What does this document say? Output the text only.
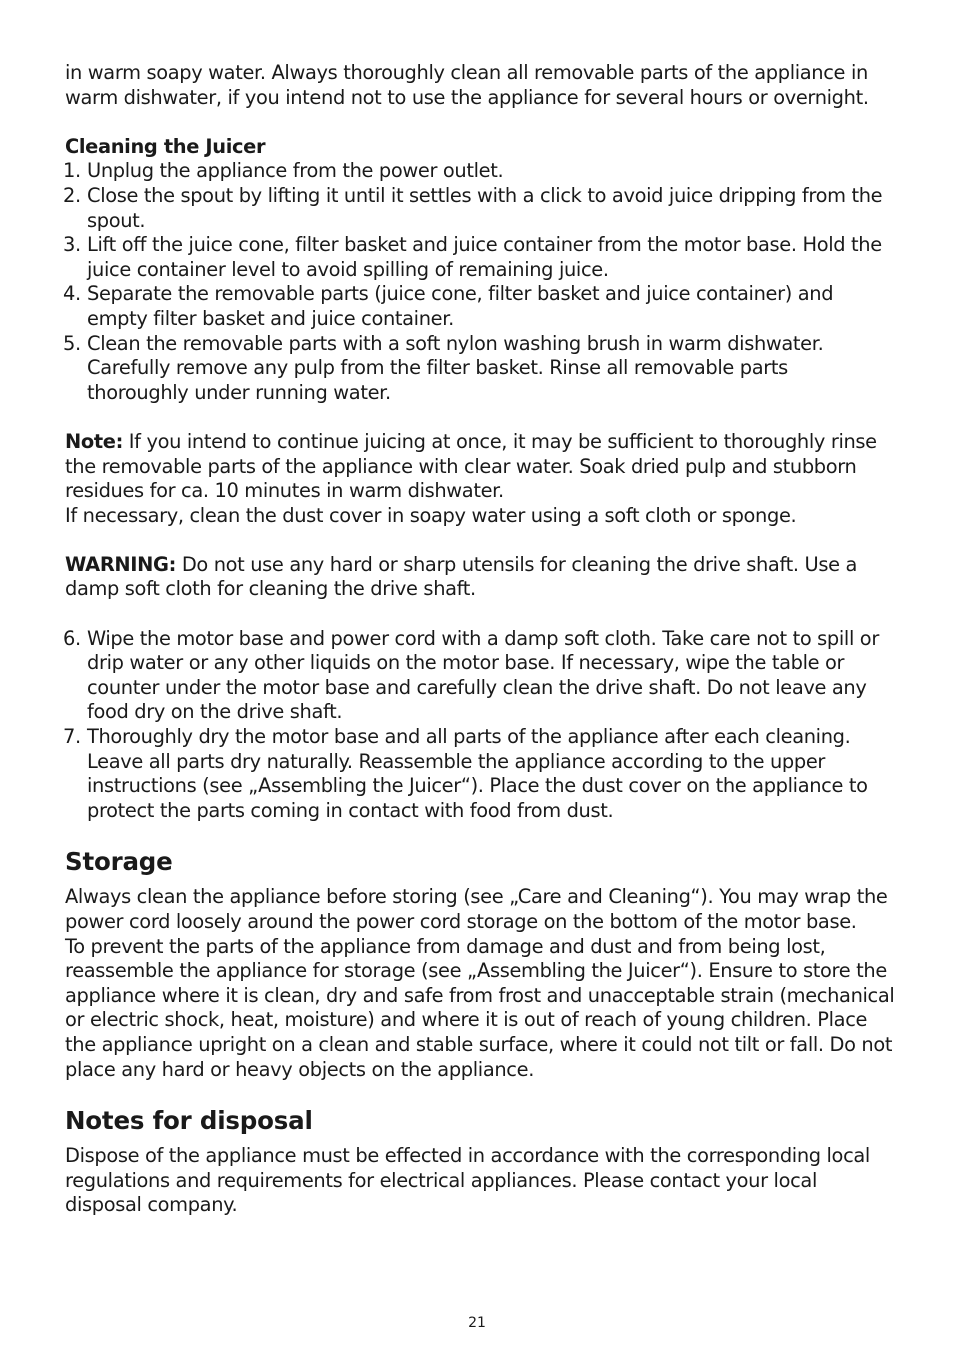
in warm soapy water. Always thoroughly clean all removable parts of the appliance in warm dishwater, if you intend not to use the appliance for several hours or overnight.

Cleaning the Juicer

1. Unplug the appliance from the power outlet.
2. Close the spout by lifting it until it settles with a click to avoid juice dripping from the spout.
3. Lift off the juice cone, filter basket and juice container from the motor base. Hold the juice container level to avoid spilling of remaining juice.
4. Separate the removable parts (juice cone, filter basket and juice container) and empty filter basket and juice container.
5. Clean the removable parts with a soft nylon washing brush in warm dishwater. Carefully remove any pulp from the filter basket. Rinse all removable parts thoroughly under running water.

Note: If you intend to continue juicing at once, it may be sufficient to thoroughly rinse the removable parts of the appliance with clear water. Soak dried pulp and stubborn residues for ca. 10 minutes in warm dishwater.

If necessary, clean the dust cover in soapy water using a soft cloth or sponge.

WARNING: Do not use any hard or sharp utensils for cleaning the drive shaft. Use a damp soft cloth for cleaning the drive shaft.

6. Wipe the motor base and power cord with a damp soft cloth. Take care not to spill or drip water or any other liquids on the motor base. If necessary, wipe the table or counter under the motor base and carefully clean the drive shaft. Do not leave any food dry on the drive shaft.
7. Thoroughly dry the motor base and all parts of the appliance after each cleaning. Leave all parts dry naturally. Reassemble the appliance according to the upper instructions (see „Assembling the Juicer“). Place the dust cover on the appliance to protect the parts coming in contact with food from dust.
Storage

Always clean the appliance before storing (see „Care and Cleaning“). You may wrap the power cord loosely around the power cord storage on the bottom of the motor base.

To prevent the parts of the appliance from damage and dust and from being lost, reassemble the appliance for storage (see „Assembling the Juicer“). Ensure to store the appliance where it is clean, dry and safe from frost and unacceptable strain (mechanical or electric shock, heat, moisture) and where it is out of reach of young children. Place the appliance upright on a clean and stable surface, where it could not tilt or fall. Do not place any hard or heavy objects on the appliance.

Notes for disposal

Dispose of the appliance must be effected in accordance with the corresponding local regulations and requirements for electrical appliances. Please contact your local disposal company.

21
